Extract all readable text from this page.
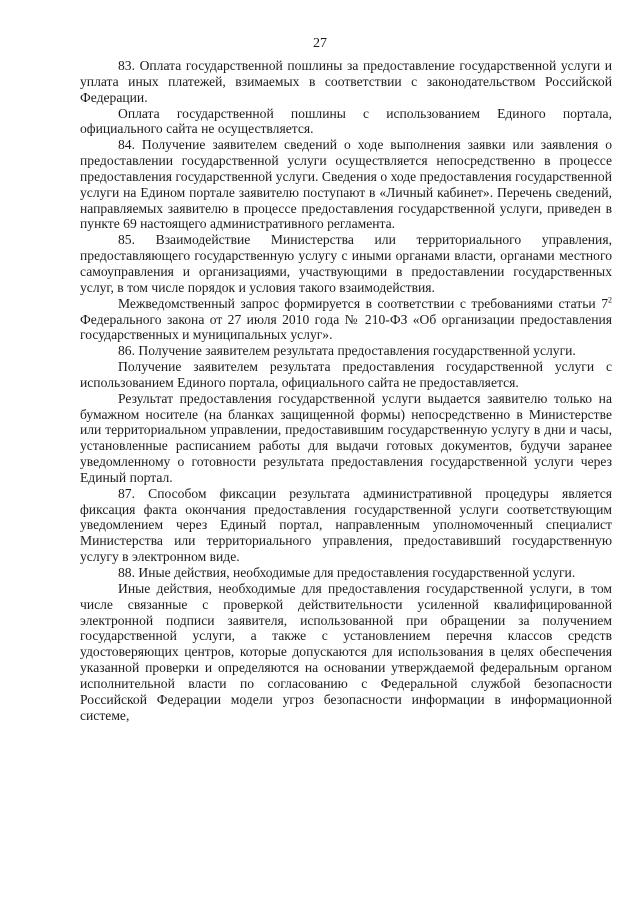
27

83. Оплата государственной пошлины за предоставление государственной услуги и уплата иных платежей, взимаемых в соответствии с законодательством Российской Федерации.

Оплата государственной пошлины с использованием Единого портала, официального сайта не осуществляется.

84. Получение заявителем сведений о ходе выполнения заявки или заявления о предоставлении государственной услуги осуществляется непосредственно в процессе предоставления государственной услуги. Сведения о ходе предоставления государственной услуги на Едином портале заявителю поступают в «Личный кабинет». Перечень сведений, направляемых заявителю в процессе предоставления государственной услуги, приведен в пункте 69 настоящего административного регламента.

85. Взаимодействие Министерства или территориального управления, предоставляющего государственную услугу с иными органами власти, органами местного самоуправления и организациями, участвующими в предоставлении государственных услуг, в том числе порядок и условия такого взаимодействия.

Межведомственный запрос формируется в соответствии с требованиями статьи $7^2$ Федерального закона от 27 июля 2010 года № 210-ФЗ «Об организации предоставления государственных и муниципальных услуг».

86. Получение заявителем результата предоставления государственной услуги.

Получение заявителем результата предоставления государственной услуги с использованием Единого портала, официального сайта не предоставляется.

Результат предоставления государственной услуги выдается заявителю только на бумажном носителе (на бланках защищенной формы) непосредственно в Министерстве или территориальном управлении, предоставившим государственную услугу в дни и часы, установленные расписанием работы для выдачи готовых документов, будучи заранее уведомленному о готовности результата предоставления государственной услуги через Единый портал.

87. Способом фиксации результата административной процедуры является фиксация факта окончания предоставления государственной услуги соответствующим уведомлением через Единый портал, направленным уполномоченный специалист Министерства или территориального управления, предоставивший государственную услугу в электронном виде.

88. Иные действия, необходимые для предоставления государственной услуги.

Иные действия, необходимые для предоставления государственной услуги, в том числе связанные с проверкой действительности усиленной квалифицированной электронной подписи заявителя, использованной при обращении за получением государственной услуги, а также с установлением перечня классов средств удостоверяющих центров, которые допускаются для использования в целях обеспечения указанной проверки и определяются на основании утверждаемой федеральным органом исполнительной власти по согласованию с Федеральной службой безопасности Российской Федерации модели угроз безопасности информации в информационной системе,
